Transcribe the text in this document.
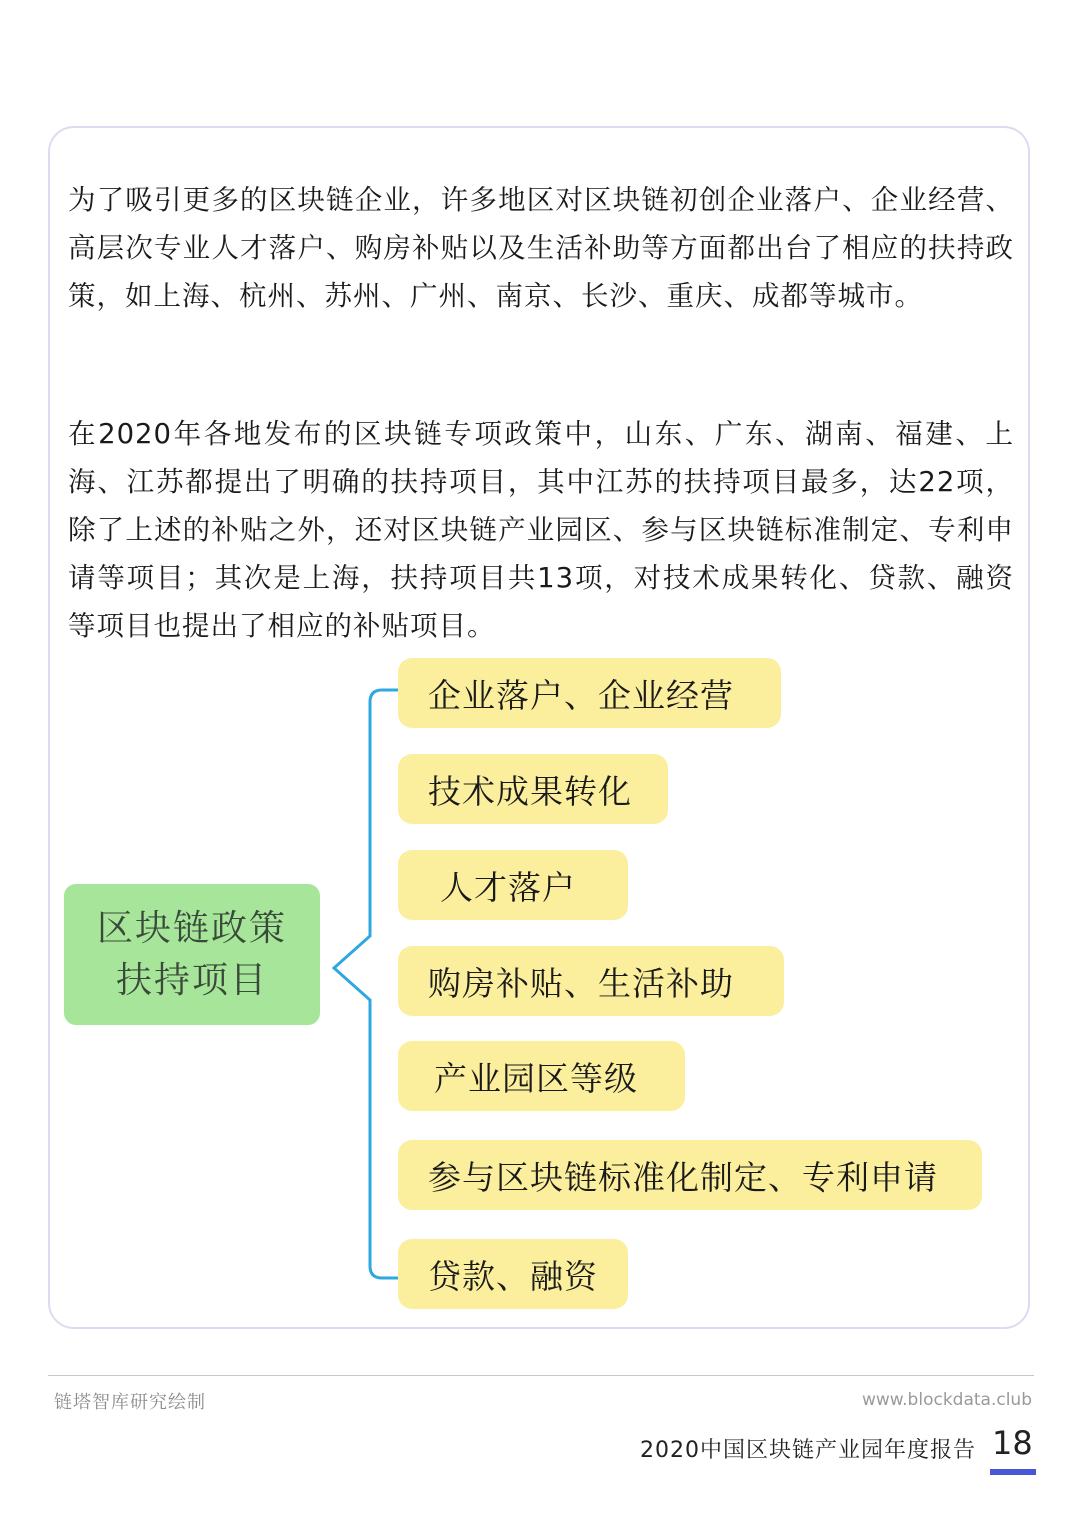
为了吸引更多的区块链企业，许多地区对区块链初创企业落户、企业经营、高层次专业人才落户、购房补贴以及生活补助等方面都出台了相应的扶持政策，如上海、杭州、苏州、广州、南京、长沙、重庆、成都等城市。

在2020年各地发布的区块链专项政策中，山东、广东、湖南、福建、上海、江苏都提出了明确的扶持项目，其中江苏的扶持项目最多，达22项，除了上述的补贴之外，还对区块链产业园区、参与区块链标准制定、专利申请等项目；其次是上海，扶持项目共13项，对技术成果转化、贷款、融资等项目也提出了相应的补贴项目。

区块链政策
扶持项目
企业落户、企业经营
技术成果转化
人才落户
购房补贴、生活补助
产业园区等级
参与区块链标准化制定、专利申请
贷款、融资
链塔智库研究绘制	www.blockdata.club
2020中国区块链产业园年度报告 18
